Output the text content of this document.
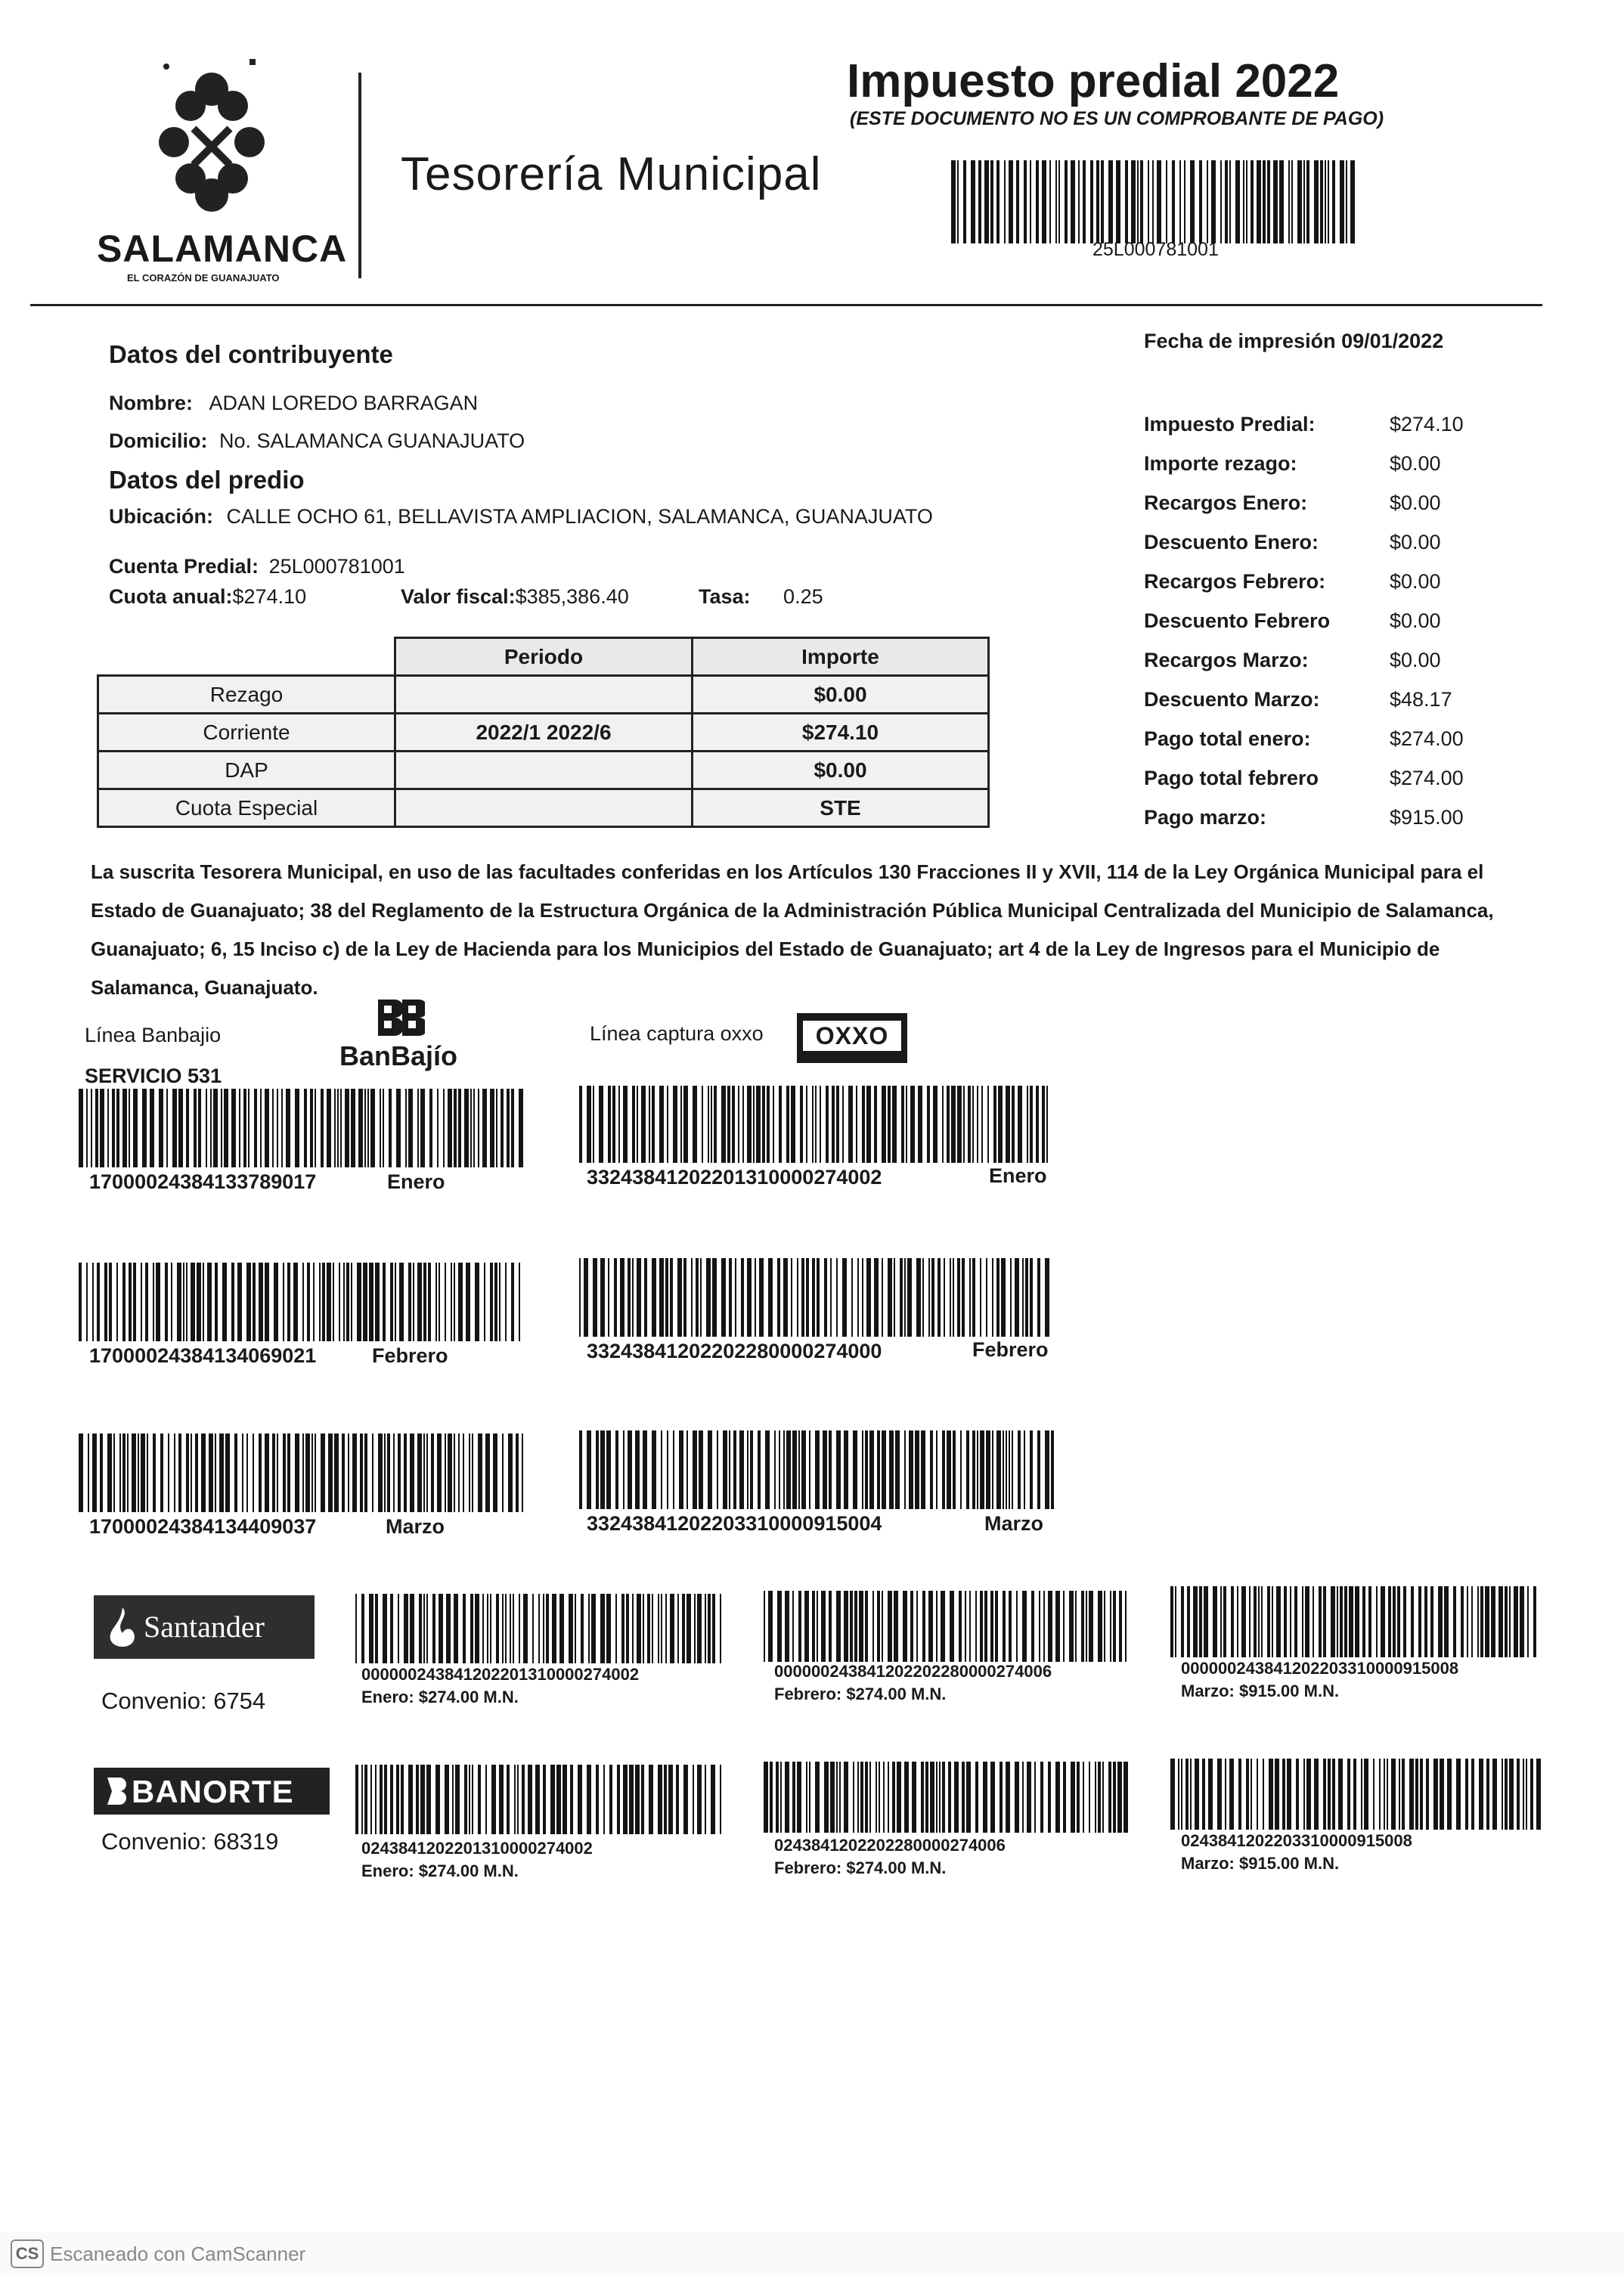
SALAMANCA
EL CORAZÓN DE GUANAJUATO
Tesorería Municipal
Impuesto predial 2022
(ESTE DOCUMENTO NO ES UN COMPROBANTE DE PAGO)
25L000781001
Datos del contribuyente
Nombre: ADAN LOREDO BARRAGAN
Domicilio: No. SALAMANCA GUANAJUATO
Datos del predio
Ubicación: CALLE OCHO 61, BELLAVISTA AMPLIACION, SALAMANCA, GUANAJUATO
Cuenta Predial: 25L000781001
Cuota anual:$274.10	Valor fiscal:$385,386.40	Tasa: 0.25
	Periodo	Importe
Rezago		$0.00
Corriente	2022/1 2022/6	$274.10
DAP		$0.00
Cuota Especial		STE
Fecha de impresión 09/01/2022
Impuesto Predial:	$274.10
Importe rezago:	$0.00
Recargos Enero:	$0.00
Descuento Enero:	$0.00
Recargos Febrero:	$0.00
Descuento Febrero	$0.00
Recargos Marzo:	$0.00
Descuento Marzo:	$48.17
Pago total enero:	$274.00
Pago total febrero	$274.00
Pago marzo:	$915.00
La suscrita Tesorera Municipal, en uso de las facultades conferidas en los Artículos 130 Fracciones II y XVII, 114 de la Ley Orgánica Municipal para el Estado de Guanajuato; 38 del Reglamento de la Estructura Orgánica de la Administración Pública Municipal Centralizada del Municipio de Salamanca, Guanajuato; 6, 15 Inciso c) de la Ley de Hacienda para los Municipios del Estado de Guanajuato; art 4 de la Ley de Ingresos para el Municipio de Salamanca, Guanajuato.
Línea Banbajio
SERVICIO 531
BanBajío
Línea captura oxxo	OXXO
17000024384133789017	Enero
17000024384134069021	Febrero
17000024384134409037	Marzo
33243841202201310000274002	Enero
33243841202202280000274000	Febrero
33243841202203310000915004	Marzo
Santander
Convenio: 6754
00000024384120220131000027400​2
Enero: $274.00 M.N.
000000243841202202280000274006
Febrero: $274.00 M.N.
000000243841202203310000915008
Marzo: $915.00 M.N.
BANORTE
Convenio: 68319	024384120220131000027400​2
Enero: $274.00 M.N.
0243841202202280000274006
Febrero: $274.00 M.N.
0243841202203310000915008
Marzo: $915.00 M.N.
CS Escaneado con CamScanner
